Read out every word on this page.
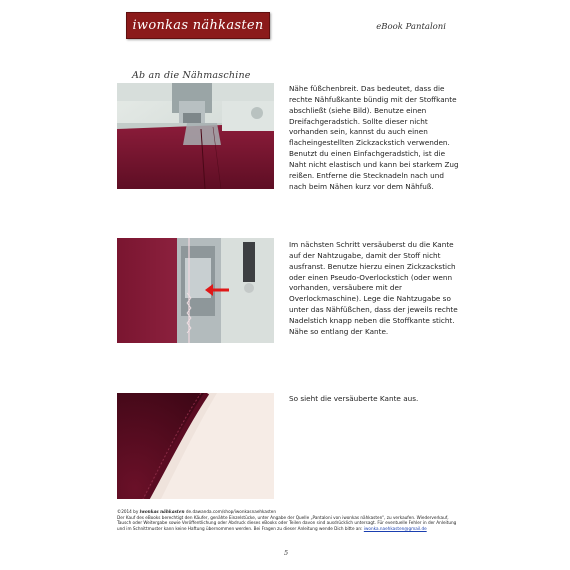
iwonkas nähkasten	eBook Pantaloni
Ab an die Nähmaschine
Nähe füßchenbreit. Das bedeutet, dass die rechte Nähfußkante bündig mit der Stoffkante abschließt (siehe Bild). Benutze einen Dreifachgeradstich. Sollte dieser nicht vorhanden sein, kannst du auch einen flacheingestellten Zickzackstich verwenden. Benutzt du einen Einfachgeradstich, ist die Naht nicht elastisch und kann bei starkem Zug reißen. Entferne die Stecknadeln nach und nach beim Nähen kurz vor dem Nähfuß.
Im nächsten Schritt versäuberst du die Kante auf der Nahtzugabe, damit der Stoff nicht ausfranst. Benutze hierzu einen Zickzackstich oder einen Pseudo-Overlockstich (oder wenn vorhanden, versäubere mit der Overlockmaschine). Lege die Nahtzugabe so unter das Nähfüßchen, dass der jeweils rechte Nadelstich knapp neben die Stoffkante sticht. Nähe so entlang der Kante.
So sieht die versäuberte Kante aus.
©2014 by iwonkas nähkasten de.dawanda.com/shop/iwonkasnaehkasten
Der Kauf des eBooks berechtigt den Käufer, genähte Einzelstücke, unter Angabe der Quelle „Pantaloni von iwonkas nähkasten“, zu verkaufen. Wiederverkauf, Tausch oder Weitergabe sowie Veröffentlichung oder Abdruck dieses eBooks oder Teilen davon sind ausdrücklich untersagt. Für eventuelle Fehler in der Anleitung und im Schnittmuster kann keine Haftung übernommen werden. Bei Fragen zu dieser Anleitung wende Dich bitte an: iwonka.naehkasten@gmail.de
5
